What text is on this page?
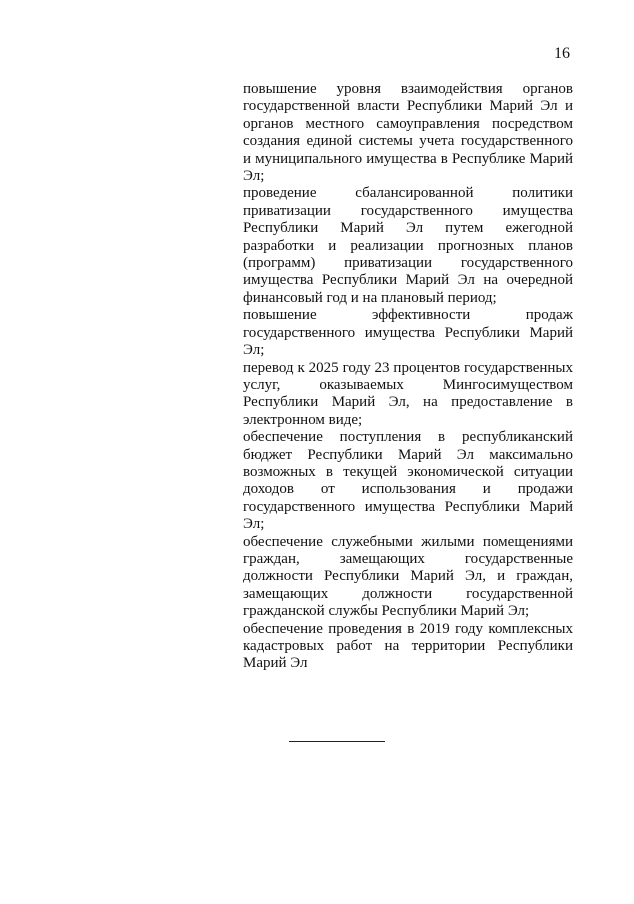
16

повышение уровня взаимодействия органов государственной власти Республики Марий Эл и органов местного самоуправления посредством создания единой системы учета государственного и муниципального имущества в Республике Марий Эл;

проведение сбалансированной политики приватизации государственного имущества Республики Марий Эл путем ежегодной разработки и реализации прогнозных планов (программ) приватизации государственного имущества Республики Марий Эл на очередной финансовый год и на плановый период;

повышение эффективности продаж государственного имущества Республики Марий Эл;

перевод к 2025 году 23 процентов государственных услуг, оказываемых Мингосимуществом Республики Марий Эл, на предоставление в электронном виде;

обеспечение поступления в республиканский бюджет Республики Марий Эл максимально возможных в текущей экономической ситуации доходов от использования и продажи государственного имущества Республики Марий Эл;

обеспечение служебными жилыми помещениями граждан, замещающих государственные должности Республики Марий Эл, и граждан, замещающих должности государственной гражданской службы Республики Марий Эл;

обеспечение проведения в 2019 году комплексных кадастровых работ на территории Республики Марий Эл
